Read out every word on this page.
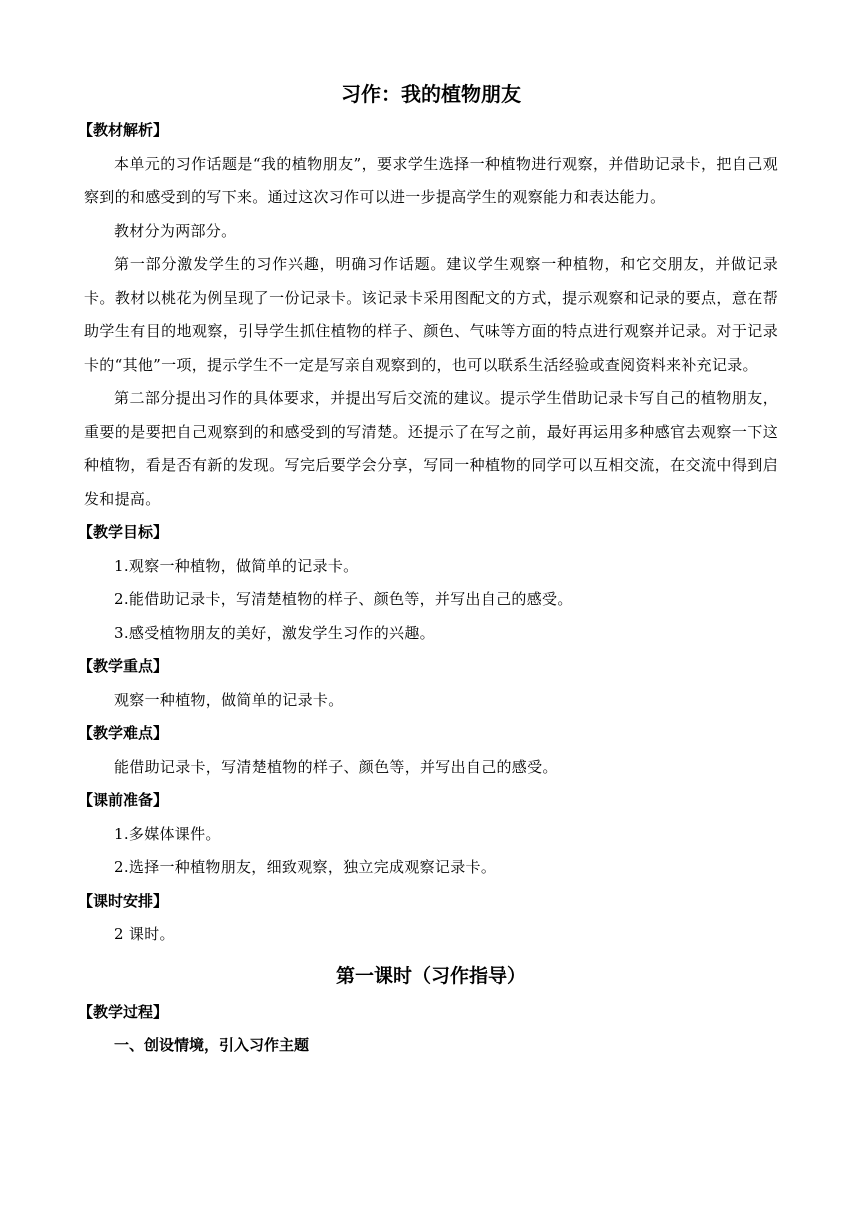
习作：我的植物朋友

【教材解析】

本单元的习作话题是“我的植物朋友”，要求学生选择一种植物进行观察，并借助记录卡，把自己观察到的和感受到的写下来。通过这次习作可以进一步提高学生的观察能力和表达能力。

教材分为两部分。

第一部分激发学生的习作兴趣，明确习作话题。建议学生观察一种植物，和它交朋友，并做记录卡。教材以桃花为例呈现了一份记录卡。该记录卡采用图配文的方式，提示观察和记录的要点，意在帮助学生有目的地观察，引导学生抓住植物的样子、颜色、气味等方面的特点进行观察并记录。对于记录卡的“其他”一项，提示学生不一定是写亲自观察到的，也可以联系生活经验或查阅资料来补充记录。

第二部分提出习作的具体要求，并提出写后交流的建议。提示学生借助记录卡写自己的植物朋友，重要的是要把自己观察到的和感受到的写清楚。还提示了在写之前，最好再运用多种感官去观察一下这种植物，看是否有新的发现。写完后要学会分享，写同一种植物的同学可以互相交流，在交流中得到启发和提高。

【教学目标】

1.观察一种植物，做简单的记录卡。

2.能借助记录卡，写清楚植物的样子、颜色等，并写出自己的感受。

3.感受植物朋友的美好，激发学生习作的兴趣。

【教学重点】

观察一种植物，做简单的记录卡。

【教学难点】

能借助记录卡，写清楚植物的样子、颜色等，并写出自己的感受。

【课前准备】

1.多媒体课件。

2.选择一种植物朋友，细致观察，独立完成观察记录卡。

【课时安排】

2 课时。

第一课时（习作指导）

【教学过程】

一、创设情境，引入习作主题
